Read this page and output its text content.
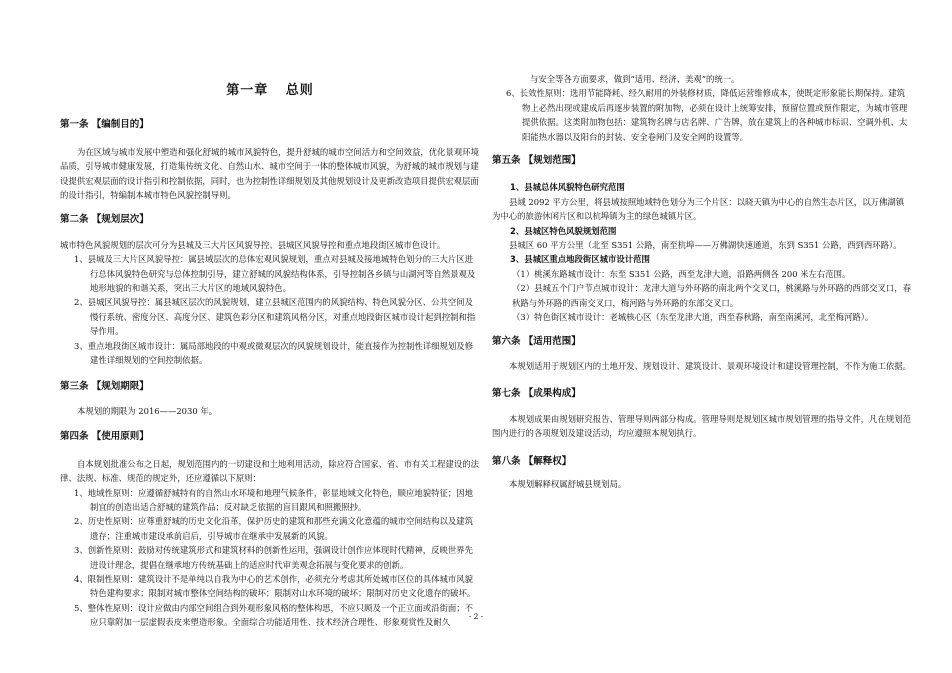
第一章 总则
第一条 【编制目的】

为在区域与城市发展中塑造和强化舒城的城市风貌特色，提升舒城的城市空间活力和空间效益，优化景观环境品质，引导城市健康发展，打造集传统文化、自然山水、城市空间于一体的整体城市风貌，为舒城的城市规划与建设提供宏观层面的设计指引和控制依据，同时，也为控制性详细规划及其他规划设计及更新改造项目提供宏观层面的设计指引，特编制本城市特色风貌控制导则。

第二条 【规划层次】

城市特色风貌规划的层次可分为县城及三大片区风貌导控、县城区风貌导控和重点地段街区城市色设计。

1、县城及三大片区风貌导控：属县域层次的总体宏观风貌规划，重点对县城及接地城特色划分的三大片区进行总体风貌特色研究与总体控制引导，建立舒城的风貌结构体系，引导控制各乡镇与山湖河等自然景观及地形地貌的和谐关系，突出三大片区的地域风貌特色。

2、县城区风貌导控：属县城区层次的风貌规划，建立县城区范围内的风貌结构、特色风貌分区、公共空间及慢行系统、密度分区、高度分区、建筑色彩分区和建筑风格分区，对重点地段街区城市设计起到控制和指导作用。

3、重点地段街区城市设计：属局部地段的中观或微观层次的风貌规划设计，能直接作为控制性详细规划及修建性详细规划的空间控制依据。

第三条 【规划期限】

本规划的期限为 2016——2030 年。

第四条 【使用原则】

自本规划批准公布之日起，规划范围内的一切建设和土地利用活动，除应符合国家、省、市有关工程建设的法律、法规、标准、规范的规定外，还应遵循以下原则：

1、地域性原则：应遵循舒城特有的自然山水环境和地理气候条件，彰显地域文化特色，顺应地貌特征；因地制宜的创造出适合舒城的建筑作品；反对缺乏依据的盲目跟风和照搬照抄。

2、历史性原则：应尊重舒城的历史文化沿革，保护历史的建筑和那些充满文化意蕴的城市空间结构以及建筑遗存；注重城市建设承前启后，引导城市在继承中发展新的风貌。

3、创新性原则：鼓励对传统建筑形式和建筑材料的创新性运用，强调设计创作应体现时代精神，反映世界先进设计理念，提倡在继承地方传统基础上的适应时代审美观念拓展与变化要求的创新。

4、限制性原则：建筑设计不是单纯以自我为中心的艺术创作，必须充分考虑其所处城市区位的具体城市风貌特色建构要求；限制对城市整体空间结构的破坏；限制对山水环境的破坏；限制对历史文化遗存的破坏。

5、整体性原则：设计应做由内部空间组合到外观形象风格的整体构思，不应只顾及一个正立面或沿街面；不应只靠附加一层虚假表皮来塑造形象。全面综合功能适用性、技术经济合理性、形象观赏性及耐久

与安全等各方面要求，做到“适用、经济、美观”的统一。

6、长效性原则：选用节能降耗、经久耐用的外装修材质，降低运营维修成本，使既定形象能长期保持。建筑物上必然出现或建成后再逐步装置的附加物，必须在设计上统筹安排，预留位置或预作限定，为城市管理提供依据。这类附加物包括：建筑物名牌与店名牌、广告牌，放在建筑上的各种城市标识、空调外机、太阳能热水器以及阳台的封装、安全卷闸门及安全网的设置等。

第五条 【规划范围】
1、县城总体风貌特色研究范围

县域 2092 平方公里，将县域按照地域特色划分为三个片区：以晓天镇为中心的自然生态片区，以万佛湖镇为中心的旅游休闲片区和以杭埠镇为主的绿色城镇片区。

2、县城区特色风貌规划范围

县城区 60 平方公里（北至 S351 公路，南至杭埠——万佛湖快速通道，东到 S351 公路，西到西环路）。

3、县城区重点地段街区城市设计范围

（1）桃溪东路城市设计：东至 S351 公路，西至龙津大道，沿路两侧各 200 米左右范围。

（2）县城五个门户节点城市设计：龙津大道与外环路的南北两个交叉口，桃溪路与外环路的西部交叉口，春秋路与外环路的西南交叉口，梅河路与外环路的东部交叉口。

（3）特色街区城市设计：老城核心区（东至龙津大道，西至春秋路，南至南溪河，北至梅河路）。

第六条 【适用范围】

本规划适用于规划区内的土地开发、规划设计、建筑设计、景观环境设计和建设管理控制，不作为施工依据。

第七条 【成果构成】

本规划成果由规划研究报告、管理导则两部分构成。管理导则是规划区城市规划管理的指导文件，凡在规划范围内进行的各项规划及建设活动，均应遵照本规划执行。

第八条 【解释权】

本规划解释权属舒城县规划局。

- 2 -
